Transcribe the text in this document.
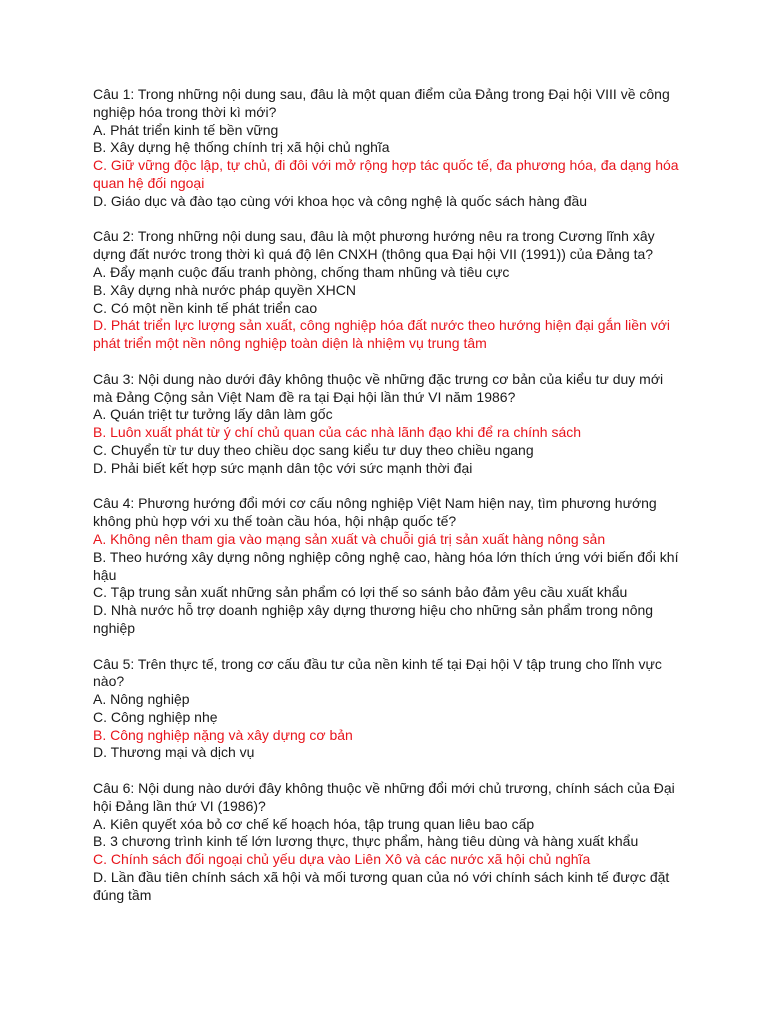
Câu 1: Trong những nội dung sau, đâu là một quan điểm của Đảng trong Đại hội VIII về công nghiệp hóa trong thời kì mới?

A. Phát triển kinh tế bền vững

B. Xây dựng hệ thống chính trị xã hội chủ nghĩa

C. Giữ vững độc lập, tự chủ, đi đôi với mở rộng hợp tác quốc tế, đa phương hóa, đa dạng hóa quan hệ đối ngoại

D. Giáo dục và đào tạo cùng với khoa học và công nghệ là quốc sách hàng đầu

Câu 2: Trong những nội dung sau, đâu là một phương hướng nêu ra trong Cương lĩnh xây dựng đất nước trong thời kì quá độ lên CNXH (thông qua Đại hội VII (1991)) của Đảng ta?

A. Đẩy mạnh cuộc đấu tranh phòng, chống tham nhũng và tiêu cực

B. Xây dựng nhà nước pháp quyền XHCN

C. Có một nền kinh tế phát triển cao

D. Phát triển lực lượng sản xuất, công nghiệp hóa đất nước theo hướng hiện đại gắn liền với phát triển một nền nông nghiệp toàn diện là nhiệm vụ trung tâm

Câu 3: Nội dung nào dưới đây không thuộc về những đặc trưng cơ bản của kiểu tư duy mới mà Đảng Cộng sản Việt Nam đề ra tại Đại hội lần thứ VI năm 1986?

A. Quán triệt tư tưởng lấy dân làm gốc

B. Luôn xuất phát từ ý chí chủ quan của các nhà lãnh đạo khi để ra chính sách

C. Chuyển từ tư duy theo chiều dọc sang kiểu tư duy theo chiều ngang

D. Phải biết kết hợp sức mạnh dân tộc với sức mạnh thời đại

Câu 4: Phương hướng đổi mới cơ cấu nông nghiệp Việt Nam hiện nay, tìm phương hướng không phù hợp với xu thế toàn cầu hóa, hội nhập quốc tế?

A. Không nên tham gia vào mạng sản xuất và chuỗi giá trị sản xuất hàng nông sản

B. Theo hướng xây dựng nông nghiệp công nghệ cao, hàng hóa lớn thích ứng với biến đổi khí hậu

C. Tập trung sản xuất những sản phẩm có lợi thế so sánh bảo đảm yêu cầu xuất khẩu

D. Nhà nước hỗ trợ doanh nghiệp xây dựng thương hiệu cho những sản phẩm trong nông nghiệp

Câu 5: Trên thực tế, trong cơ cấu đầu tư của nền kinh tế tại Đại hội V tập trung cho lĩnh vực nào?

A. Nông nghiệp

C. Công nghiệp nhẹ

B. Công nghiệp nặng và xây dựng cơ bản

D. Thương mại và dịch vụ

Câu 6: Nội dung nào dưới đây không thuộc về những đổi mới chủ trương, chính sách của Đại hội Đảng lần thứ VI (1986)?

A. Kiên quyết xóa bỏ cơ chế kế hoạch hóa, tập trung quan liêu bao cấp

B. 3 chương trình kinh tế lớn lương thực, thực phẩm, hàng tiêu dùng và hàng xuất khẩu

C. Chính sách đối ngoại chủ yếu dựa vào Liên Xô và các nước xã hội chủ nghĩa

D. Lần đầu tiên chính sách xã hội và mối tương quan của nó với chính sách kinh tế được đặt đúng tầm
